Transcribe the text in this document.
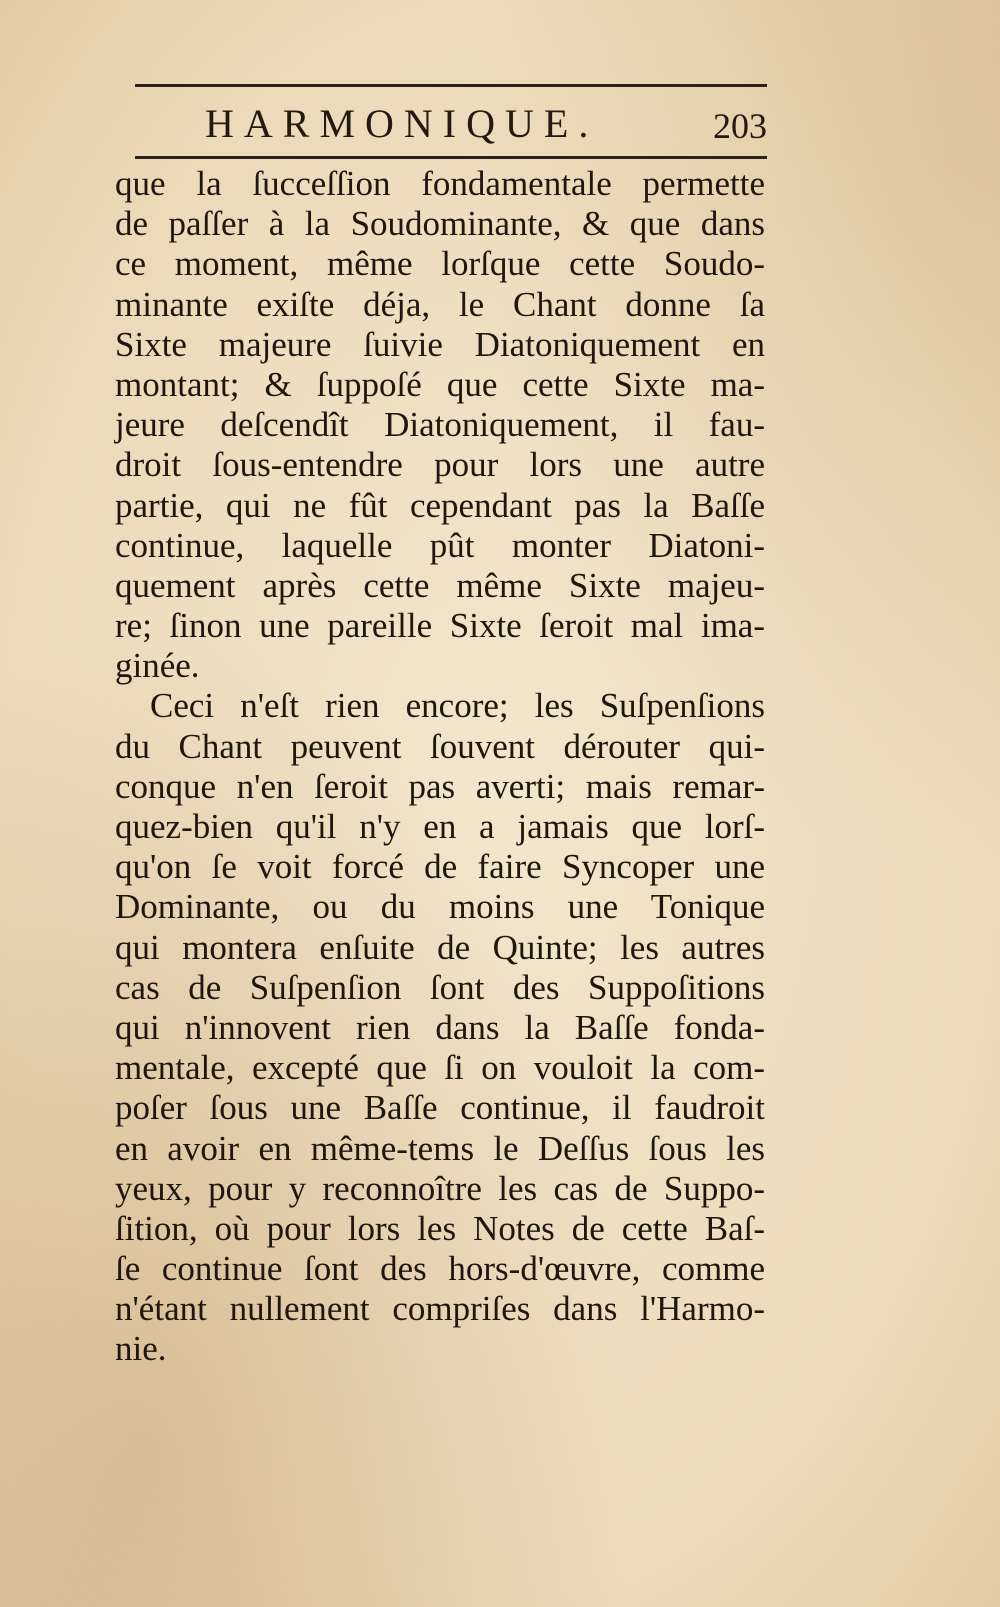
HARMONIQUE.	203
que la ſucceſſion fondamentale permette
de paſſer à la Soudominante, & que dans
ce moment, même lorſque cette Soudo-
minante exiſte déja, le Chant donne ſa
Sixte majeure ſuivie Diatoniquement en
montant; & ſuppoſé que cette Sixte ma-
jeure deſcendît Diatoniquement, il fau-
droit ſous-entendre pour lors une autre
partie, qui ne fût cependant pas la Baſſe
continue, laquelle pût monter Diatoni-
quement après cette même Sixte majeu-
re; ſinon une pareille Sixte ſeroit mal ima-
ginée.
Ceci n'eſt rien encore; les Suſpenſions
du Chant peuvent ſouvent dérouter qui-
conque n'en ſeroit pas averti; mais remar-
quez-bien qu'il n'y en a jamais que lorſ-
qu'on ſe voit forcé de faire Syncoper une
Dominante, ou du moins une Tonique
qui montera enſuite de Quinte; les autres
cas de Suſpenſion ſont des Suppoſitions
qui n'innovent rien dans la Baſſe fonda-
mentale, excepté que ſi on vouloit la com-
poſer ſous une Baſſe continue, il faudroit
en avoir en même-tems le Deſſus ſous les
yeux, pour y reconnoître les cas de Suppo-
ſition, où pour lors les Notes de cette Baſ-
ſe continue ſont des hors-d'œuvre, comme
n'étant nullement compriſes dans l'Harmo-
nie.
